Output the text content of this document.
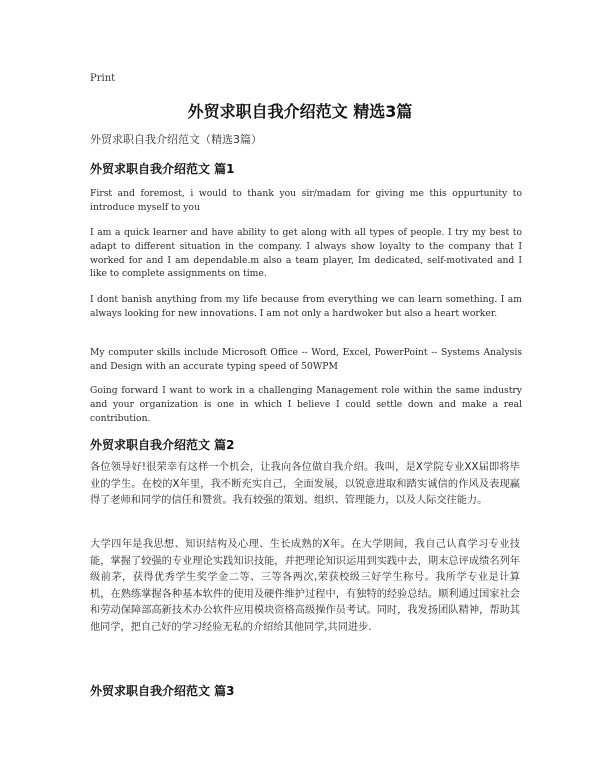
Print
外贸求职自我介绍范文 精选3篇

外贸求职自我介绍范文（精选3篇）

外贸求职自我介绍范文 篇1

First and foremost, i would to thank you sir/madam for giving me this oppurtunity to introduce myself to you

I am a quick learner and have ability to get along with all types of people. I try my best to adapt to different situation in the company. I always show loyalty to the company that I worked for and I am dependable.m also a team player, Im dedicated, self-motivated and I like to complete assignments on time.

I dont banish anything from my life because from everything we can learn something. I am always looking for new innovations. I am not only a hardwoker but also a heart worker.

My computer skills include Microsoft Office -- Word, Excel, PowerPoint -- Systems Analysis and Design with an accurate typing speed of 50WPM

Going forward I want to work in a challenging Management role within the same industry and your organization is one in which I believe I could settle down and make a real contribution.

外贸求职自我介绍范文 篇2

各位领导好!很荣幸有这样一个机会，让我向各位做自我介绍。我叫，是X学院专业XX届即将毕业的学生。在校的X年里，我不断充实自己，全面发展，以锐意进取和踏实诚信的作风及表现赢得了老师和同学的信任和赞赏。我有较强的策划、组织、管理能力，以及人际交往能力。

大学四年是我思想、知识结构及心理、生长成熟的X年。在大学期间，我自己认真学习专业技能，掌握了较强的专业理论实践知识技能，并把理论知识运用到实践中去，期末总评成绩名列年级前茅，获得优秀学生奖学金二等、三等各两次,荣获校级三好学生称号。我所学专业是计算机，在熟练掌握各种基本软件的使用及硬件维护过程中，有独特的经验总结。顺利通过国家社会和劳动保障部高新技术办公软件应用模块资格高级操作员考试。同时，我发扬团队精神，帮助其他同学，把自己好的学习经验无私的介绍给其他同学,共同进步.

外贸求职自我介绍范文 篇3
